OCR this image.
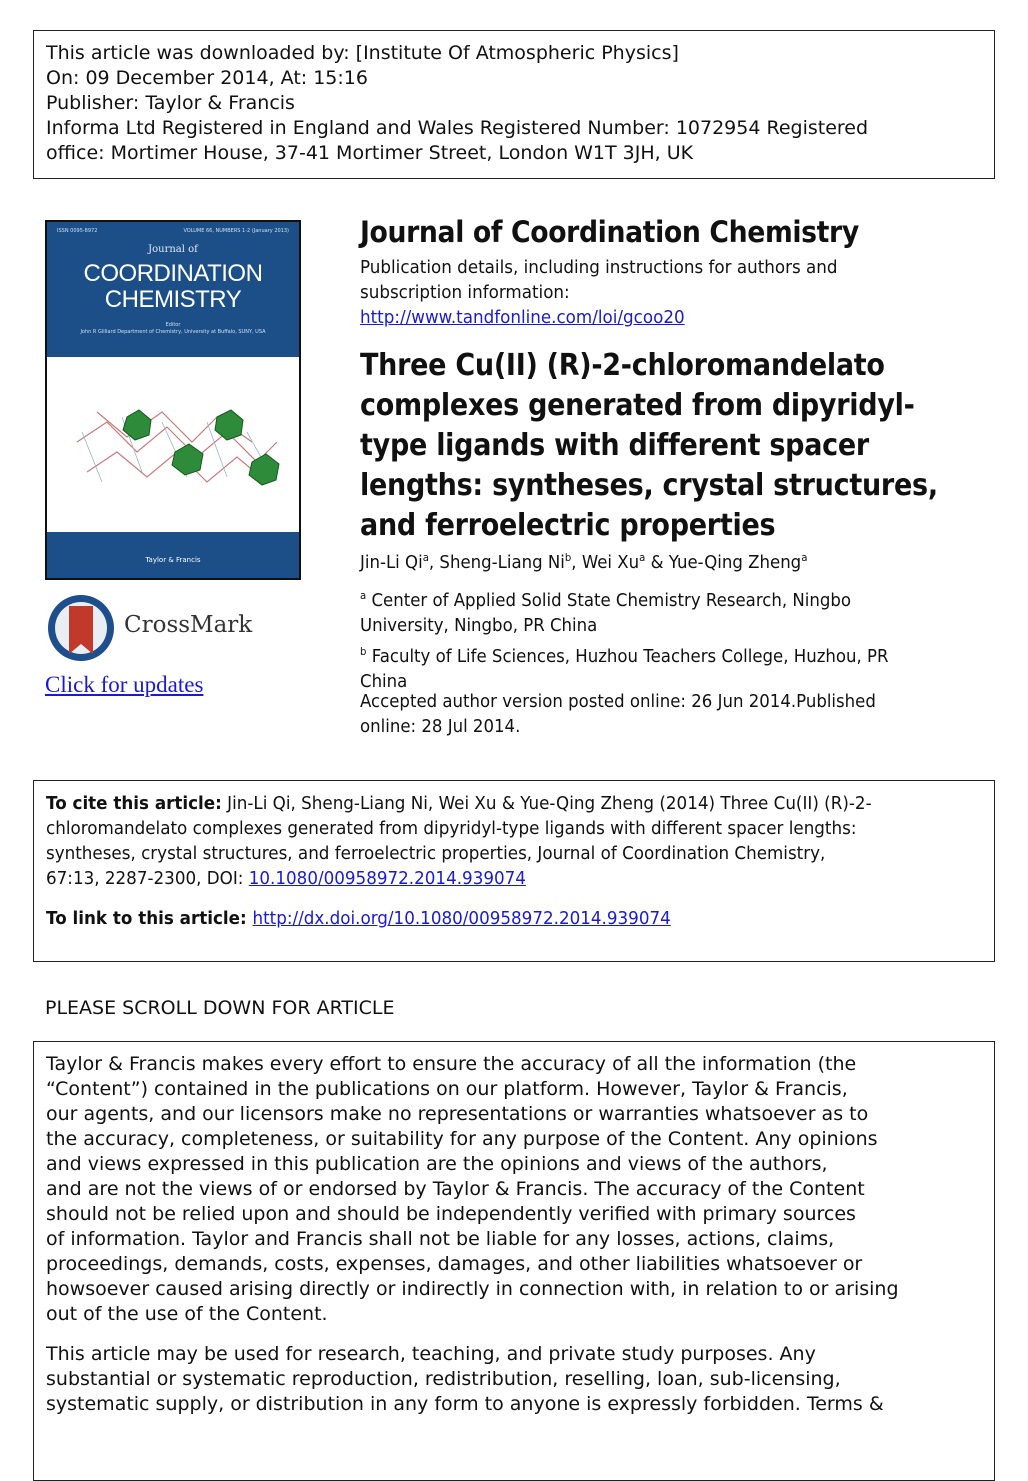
This article was downloaded by: [Institute Of Atmospheric Physics]
On: 09 December 2014, At: 15:16
Publisher: Taylor & Francis
Informa Ltd Registered in England and Wales Registered Number: 1072954 Registered
office: Mortimer House, 37-41 Mortimer Street, London W1T 3JH, UK
ISSN 0095-8972	VOLUME 66, NUMBERS 1-2 (January 2013)
Journal of
COORDINATION
CHEMISTRY
Editor
John R Gilliard Department of Chemistry, University at Buffalo, SUNY, USA
Taylor & Francis
CrossMark
Click for updates
Journal of Coordination Chemistry
Publication details, including instructions for authors and
subscription information:
http://www.tandfonline.com/loi/gcoo20
Three Cu(II) (R)-2-chloromandelato
complexes generated from dipyridyl-
type ligands with different spacer
lengths: syntheses, crystal structures,
and ferroelectric properties
Jin-Li Qi$^a$, Sheng-Liang Ni$^b$, Wei Xu$^a$ & Yue-Qing Zheng$^a$
$^a$ Center of Applied Solid State Chemistry Research, Ningbo
University, Ningbo, PR China
$^b$ Faculty of Life Sciences, Huzhou Teachers College, Huzhou, PR
China
Accepted author version posted online: 26 Jun 2014.Published
online: 28 Jul 2014.
To cite this article: Jin-Li Qi, Sheng-Liang Ni, Wei Xu & Yue-Qing Zheng (2014) Three Cu(II) (R)-2-
chloromandelato complexes generated from dipyridyl-type ligands with different spacer lengths:
syntheses, crystal structures, and ferroelectric properties, Journal of Coordination Chemistry,
67:13, 2287-2300, DOI: 10.1080/00958972.2014.939074
To link to this article: http://dx.doi.org/10.1080/00958972.2014.939074
PLEASE SCROLL DOWN FOR ARTICLE
Taylor & Francis makes every effort to ensure the accuracy of all the information (the
“Content”) contained in the publications on our platform. However, Taylor & Francis,
our agents, and our licensors make no representations or warranties whatsoever as to
the accuracy, completeness, or suitability for any purpose of the Content. Any opinions
and views expressed in this publication are the opinions and views of the authors,
and are not the views of or endorsed by Taylor & Francis. The accuracy of the Content
should not be relied upon and should be independently verified with primary sources
of information. Taylor and Francis shall not be liable for any losses, actions, claims,
proceedings, demands, costs, expenses, damages, and other liabilities whatsoever or
howsoever caused arising directly or indirectly in connection with, in relation to or arising
out of the use of the Content.
This article may be used for research, teaching, and private study purposes. Any
substantial or systematic reproduction, redistribution, reselling, loan, sub-licensing,
systematic supply, or distribution in any form to anyone is expressly forbidden. Terms &
